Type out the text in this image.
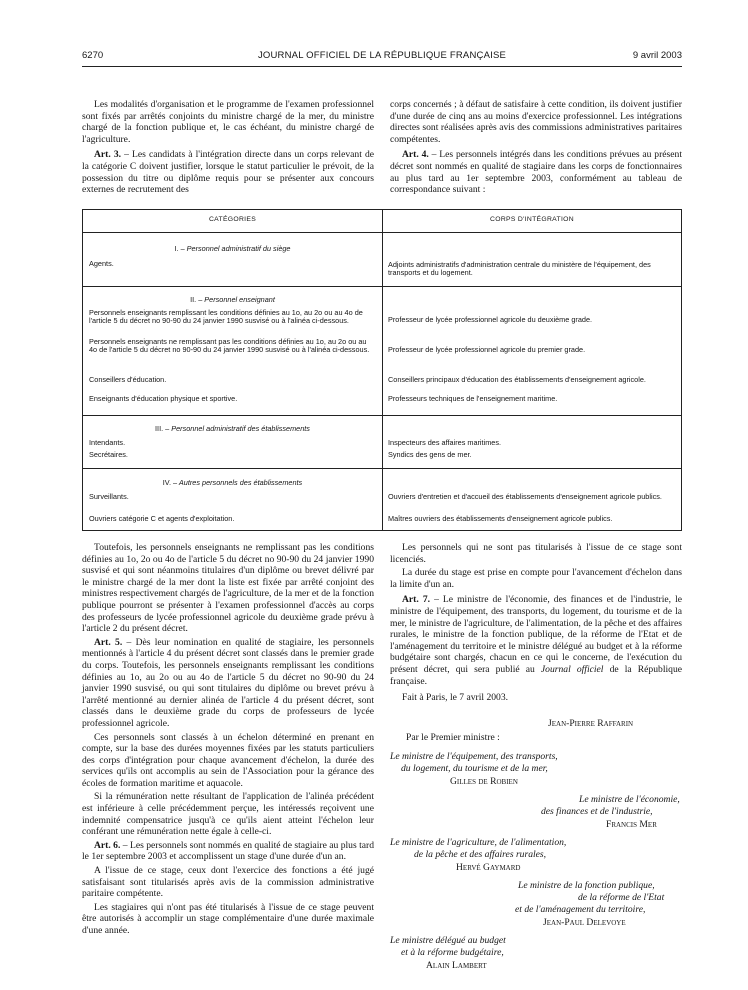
6270	JOURNAL OFFICIEL DE LA RÉPUBLIQUE FRANÇAISE	9 avril 2003

Les modalités d'organisation et le programme de l'examen professionnel sont fixés par arrêtés conjoints du ministre chargé de la mer, du ministre chargé de la fonction publique et, le cas échéant, du ministre chargé de l'agriculture.

Art. 3. – Les candidats à l'intégration directe dans un corps relevant de la catégorie C doivent justifier, lorsque le statut particulier le prévoit, de la possession du titre ou diplôme requis pour se présenter aux concours externes de recrutement des

corps concernés ; à défaut de satisfaire à cette condition, ils doivent justifier d'une durée de cinq ans au moins d'exercice professionnel. Les intégrations directes sont réalisées après avis des commissions administratives paritaires compétentes.

Art. 4. – Les personnels intégrés dans les conditions prévues au présent décret sont nommés en qualité de stagiaire dans les corps de fonctionnaires au plus tard au 1er septembre 2003, conformément au tableau de correspondance suivant :

CATÉGORIES	CORPS D'INTÉGRATION
I. – Personnel administratif du siège
Agents.	Adjoints administratifs d'administration centrale du ministère de l'équipement, des transports et du logement.
II. – Personnel enseignant
Personnels enseignants remplissant les conditions définies au 1o, au 2o ou au 4o de l'article 5 du décret no 90-90 du 24 janvier 1990 susvisé ou à l'alinéa ci-dessous.	Professeur de lycée professionnel agricole du deuxième grade.
Personnels enseignants ne remplissant pas les conditions définies au 1o, au 2o ou au 4o de l'article 5 du décret no 90-90 du 24 janvier 1990 susvisé ou à l'alinéa ci-dessous.	Professeur de lycée professionnel agricole du premier grade.
Conseillers d'éducation.	Conseillers principaux d'éducation des établissements d'enseignement agricole.
Enseignants d'éducation physique et sportive.	Professeurs techniques de l'enseignement maritime.
III. – Personnel administratif des établissements
Intendants.	Inspecteurs des affaires maritimes.
Secrétaires.	Syndics des gens de mer.
IV. – Autres personnels des établissements
Surveillants.	Ouvriers d'entretien et d'accueil des établissements d'enseignement agricole publics.
Ouvriers catégorie C et agents d'exploitation.	Maîtres ouvriers des établissements d'enseignement agricole publics.

Toutefois, les personnels enseignants ne remplissant pas les conditions définies au 1o, 2o ou 4o de l'article 5 du décret no 90-90 du 24 janvier 1990 susvisé et qui sont néanmoins titulaires d'un diplôme ou brevet délivré par le ministre chargé de la mer dont la liste est fixée par arrêté conjoint des ministres respectivement chargés de l'agriculture, de la mer et de la fonction publique pourront se présenter à l'examen professionnel d'accès au corps des professeurs de lycée professionnel agricole du deuxième grade prévu à l'article 2 du présent décret.

Art. 5. – Dès leur nomination en qualité de stagiaire, les personnels mentionnés à l'article 4 du présent décret sont classés dans le premier grade du corps. Toutefois, les personnels enseignants remplissant les conditions définies au 1o, au 2o ou au 4o de l'article 5 du décret no 90-90 du 24 janvier 1990 susvisé, ou qui sont titulaires du diplôme ou brevet prévu à l'arrêté mentionné au dernier alinéa de l'article 4 du présent décret, sont classés dans le deuxième grade du corps de professeurs de lycée professionnel agricole.

Ces personnels sont classés à un échelon déterminé en prenant en compte, sur la base des durées moyennes fixées par les statuts particuliers des corps d'intégration pour chaque avancement d'échelon, la durée des services qu'ils ont accomplis au sein de l'Association pour la gérance des écoles de formation maritime et aquacole.

Si la rémunération nette résultant de l'application de l'alinéa précédent est inférieure à celle précédemment perçue, les intéressés reçoivent une indemnité compensatrice jusqu'à ce qu'ils aient atteint l'échelon leur conférant une rémunération nette égale à celle-ci.

Art. 6. – Les personnels sont nommés en qualité de stagiaire au plus tard le 1er septembre 2003 et accomplissent un stage d'une durée d'un an.

A l'issue de ce stage, ceux dont l'exercice des fonctions a été jugé satisfaisant sont titularisés après avis de la commission administrative paritaire compétente.

Les stagiaires qui n'ont pas été titularisés à l'issue de ce stage peuvent être autorisés à accomplir un stage complémentaire d'une durée maximale d'une année.

Les personnels qui ne sont pas titularisés à l'issue de ce stage sont licenciés.

La durée du stage est prise en compte pour l'avancement d'échelon dans la limite d'un an.

Art. 7. – Le ministre de l'économie, des finances et de l'industrie, le ministre de l'équipement, des transports, du logement, du tourisme et de la mer, le ministre de l'agriculture, de l'alimentation, de la pêche et des affaires rurales, le ministre de la fonction publique, de la réforme de l'Etat et de l'aménagement du territoire et le ministre délégué au budget et à la réforme budgétaire sont chargés, chacun en ce qui le concerne, de l'exécution du présent décret, qui sera publié au Journal officiel de la République française.

Fait à Paris, le 7 avril 2003.

Jean-Pierre Raffarin
Par le Premier ministre :
Le ministre de l'équipement, des transports,
du logement, du tourisme et de la mer,
Gilles de Robien
Le ministre de l'économie,
des finances et de l'industrie,
Francis Mer
Le ministre de l'agriculture, de l'alimentation,
de la pêche et des affaires rurales,
Hervé Gaymard
Le ministre de la fonction publique,
de la réforme de l'Etat
et de l'aménagement du territoire,
Jean-Paul Delevoye
Le ministre délégué au budget
et à la réforme budgétaire,
Alain Lambert
